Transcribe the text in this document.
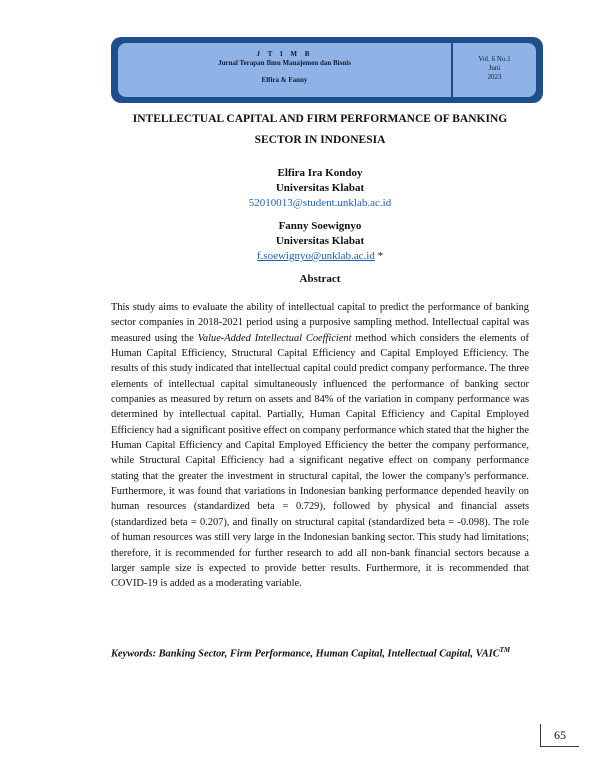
J T I M B
Jurnal Terapan Ilmu Manajemen dan Bisnis
Elfira & Fanny
Vol. 6 No.1
Juni
2023
INTELLECTUAL CAPITAL AND FIRM PERFORMANCE OF BANKING SECTOR IN INDONESIA
Elfira Ira Kondoy
Universitas Klabat
52010013@student.unklab.ac.id
Fanny Soewignyo
Universitas Klabat
f.soewignyo@unklab.ac.id *
Abstract
This study aims to evaluate the ability of intellectual capital to predict the performance of banking sector companies in 2018-2021 period using a purposive sampling method. Intellectual capital was measured using the Value-Added Intellectual Coefficient method which considers the elements of Human Capital Efficiency, Structural Capital Efficiency and Capital Employed Efficiency. The results of this study indicated that intellectual capital could predict company performance. The three elements of intellectual capital simultaneously influenced the performance of banking sector companies as measured by return on assets and 84% of the variation in company performance was determined by intellectual capital. Partially, Human Capital Efficiency and Capital Employed Efficiency had a significant positive effect on company performance which stated that the higher the Human Capital Efficiency and Capital Employed Efficiency the better the company performance, while Structural Capital Efficiency had a significant negative effect on company performance stating that the greater the investment in structural capital, the lower the company's performance. Furthermore, it was found that variations in Indonesian banking performance depended heavily on human resources (standardized beta = 0.729), followed by physical and financial assets (standardized beta = 0.207), and finally on structural capital (standardized beta = -0.098). The role of human resources was still very large in the Indonesian banking sector. This study had limitations; therefore, it is recommended for further research to add all non-bank financial sectors because a larger sample size is expected to provide better results. Furthermore, it is recommended that COVID-19 is added as a moderating variable.
Keywords: Banking Sector, Firm Performance, Human Capital, Intellectual Capital, VAIC™
65
